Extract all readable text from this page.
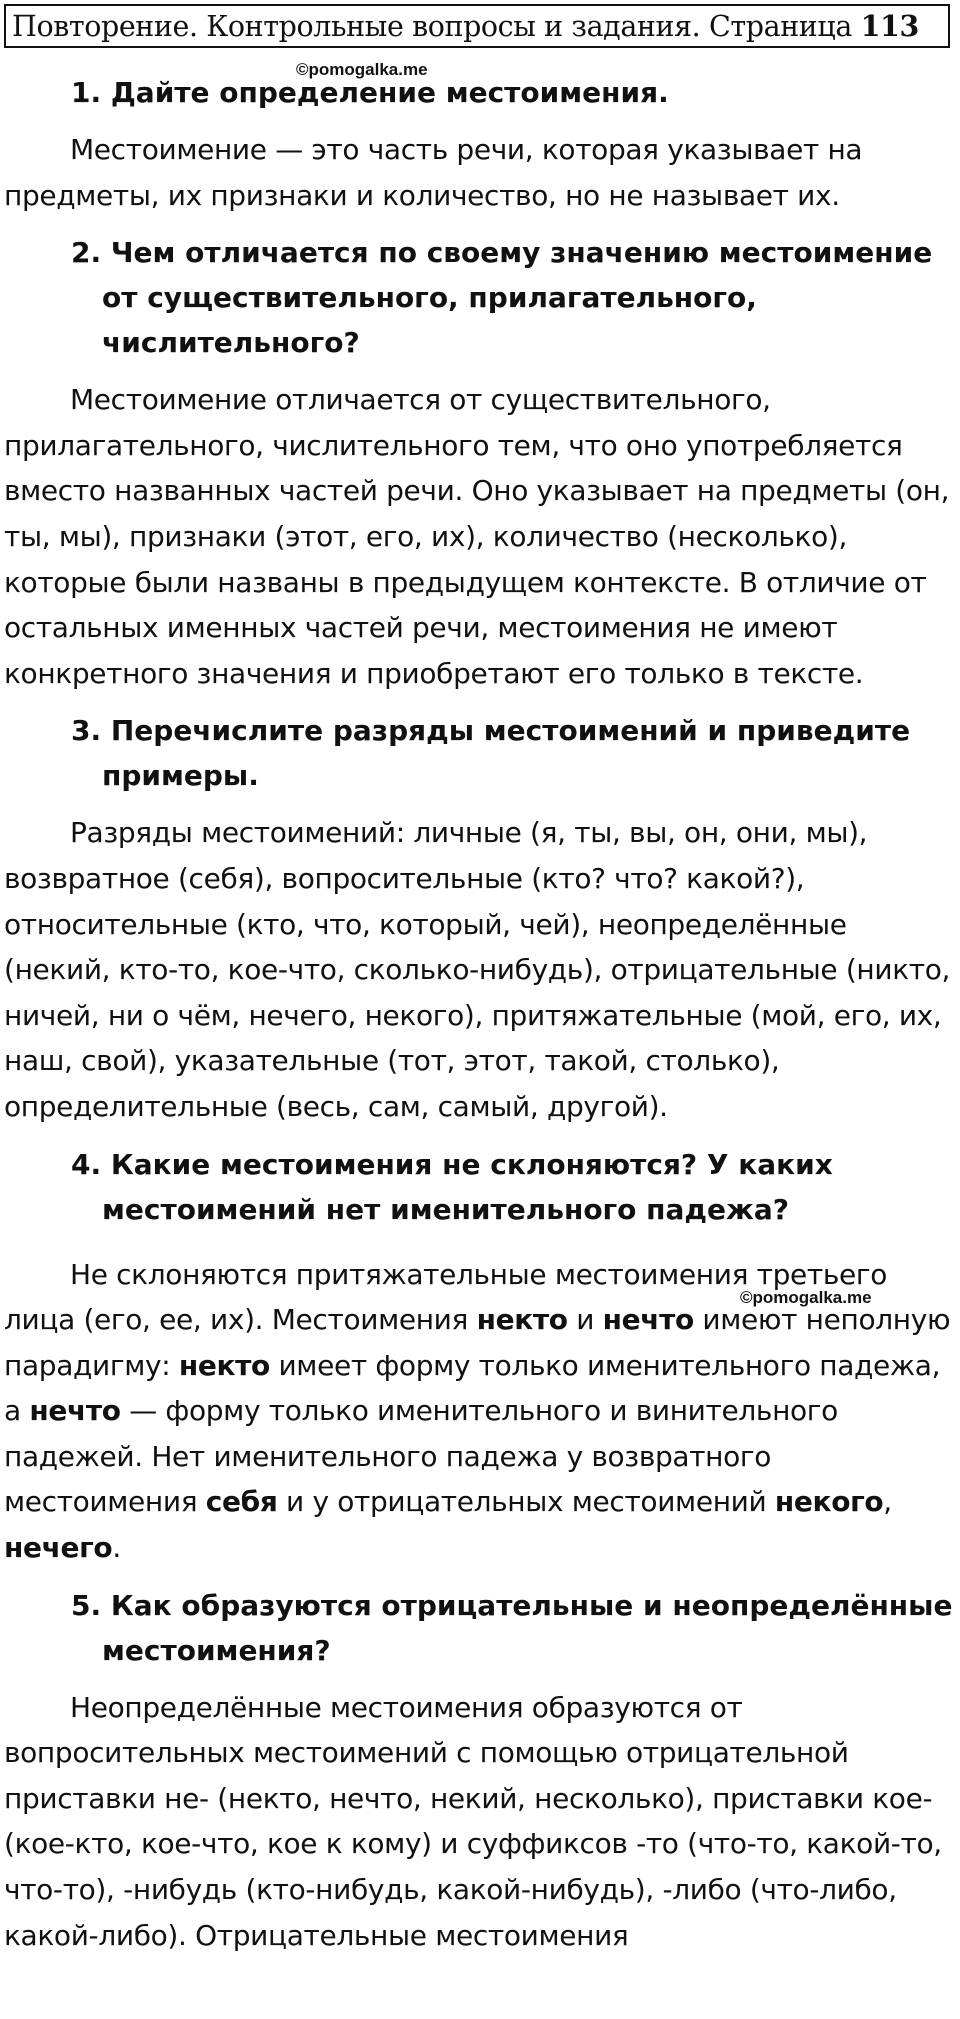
Повторение. Контрольные вопросы и задания. Страница 113
©pomogalka.me
©pomogalka.me

1. Дайте определение местоимения.

Местоимение — это часть речи, которая указывает на предметы, их признаки и количество, но не называет их.

2. Чем отличается по своему значению местоимение от существительного, прилагательного, числительного?

Местоимение отличается от существительного, прилагательного, числительного тем, что оно употребляется вместо названных частей речи. Оно указывает на предметы (он, ты, мы), признаки (этот, его, их), количество (несколько), которые были названы в предыдущем контексте. В отличие от остальных именных частей речи, местоимения не имеют конкретного значения и приобретают его только в тексте.

3. Перечислите разряды местоимений и приведите примеры.

Разряды местоимений: личные (я, ты, вы, он, они, мы), возвратное (себя), вопросительные (кто? что? какой?), относительные (кто, что, который, чей), неопределённые (некий, кто-то, кое-что, сколько-нибудь), отрицательные (никто, ничей, ни о чём, нечего, некого), притяжательные (мой, его, их, наш, свой), указательные (тот, этот, такой, столько), определительные (весь, сам, самый, другой).

4. Какие местоимения не склоняются? У каких местоимений нет именительного падежа?

Не склоняются притяжательные местоимения третьего лица (его, ее, их). Местоимения некто и нечто имеют неполную парадигму: некто имеет форму только именительного падежа, а нечто — форму только именительного и винительного падежей. Нет именительного падежа у возвратного местоимения себя и у отрицательных местоимений некого, нечего.

5. Как образуются отрицательные и неопределённые местоимения?

Неопределённые местоимения образуются от вопросительных местоимений с помощью отрицательной приставки не- (некто, нечто, некий, несколько), приставки кое- (кое-кто, кое-что, кое к кому) и суффиксов -то (что-то, какой-то, что-то), -нибудь (кто-нибудь, какой-нибудь), -либо (что-либо, какой-либо). Отрицательные местоимения
